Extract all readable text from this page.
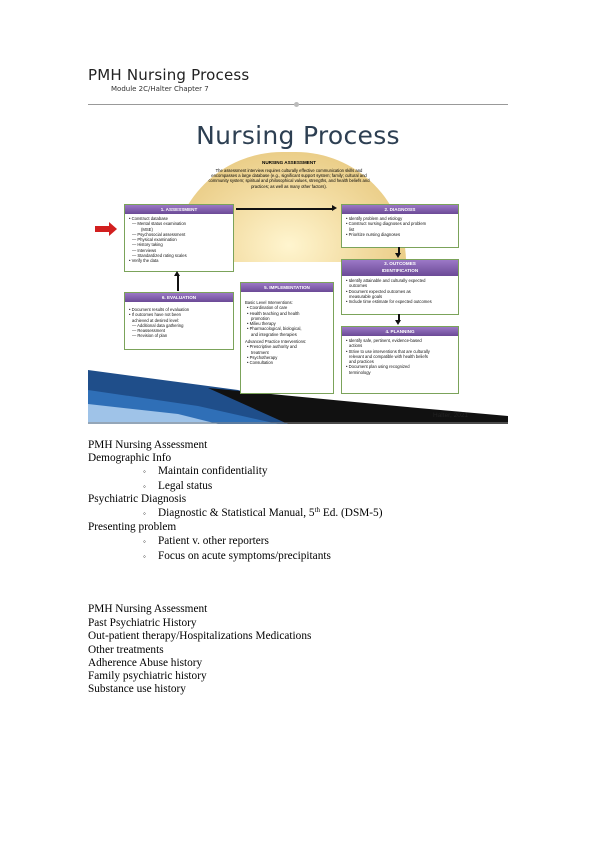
PMH Nursing Process
Module 2C/Halter Chapter 7
Nursing Process
NURSING ASSESSMENT
The assessment interview requires culturally effective communication skills and encompasses a large database (e.g., significant support system; family; cultural and community system; spiritual and philosophical values, strengths, and health beliefs and practices; as well as many other factors).
1. ASSESSMENT
• Construct database
— Mental status examination
(MSE)
— Psychosocial assessment
— Physical examination
— History taking
— Interviews
— Standardized rating scales
• Verify the data
2. DIAGNOSIS
• Identify problem and etiology
• Construct nursing diagnoses and problem
list
• Prioritize nursing diagnoses
3. OUTCOMES
IDENTIFICATION
• Identify attainable and culturally expected
outcomes
• Document expected outcomes as
measurable goals
• Include time estimate for expected outcomes
4. PLANNING
• Identify safe, pertinent, evidence-based
actions
• Strive to use interventions that are culturally
relevant and compatible with health beliefs
and practices
• Document plan using recognized
terminology
5. IMPLEMENTATION
Basic Level Interventions:
• Coordination of care
• Health teaching and health
promotion
• Milieu therapy
• Pharmacological, biological,
and integrative therapies
Advanced Practice Interventions:
• Prescriptive authority and
treatment
• Psychotherapy
• Consultation
6. EVALUATION
• Document results of evaluation
• If outcomes have not been
achieved at desired level:
— Additional data gathering
— Reassessment
— Revision of plan
Halter, 2021
PMH Nursing Assessment
Demographic Info
◦ Maintain confidentiality
◦ Legal status
Psychiatric Diagnosis
◦ Diagnostic & Statistical Manual, 5th Ed. (DSM-5)
Presenting problem
◦ Patient v. other reporters
◦ Focus on acute symptoms/precipitants
PMH Nursing Assessment
Past Psychiatric History
Out-patient therapy/Hospitalizations Medications
Other treatments
Adherence Abuse history
Family psychiatric history
Substance use history
